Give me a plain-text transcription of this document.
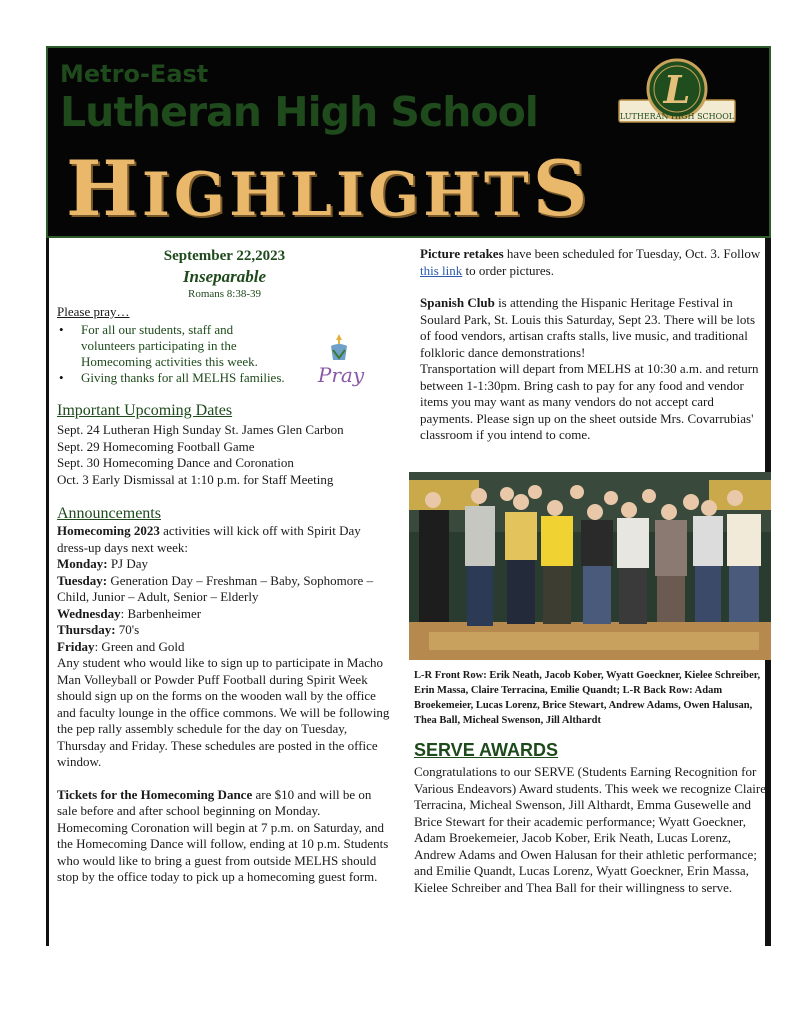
Metro-East
Lutheran High School
HIGHLIGHTS
L
LUTHERAN HIGH SCHOOL
September 22,2023
Inseparable
Romans 8:38-39
Please pray…
• For all our students, staff and volunteers participating in the Homecoming activities this week.
• Giving thanks for all MELHS families.	Pray
Important Upcoming Dates
Sept. 24 Lutheran High Sunday St. James Glen Carbon
Sept. 29 Homecoming Football Game
Sept. 30 Homecoming Dance and Coronation
Oct. 3 Early Dismissal at 1:10 p.m. for Staff Meeting
Announcements
Homecoming 2023 activities will kick off with Spirit Day dress-up days next week:
Monday: PJ Day
Tuesday: Generation Day – Freshman – Baby, Sophomore – Child, Junior – Adult, Senior – Elderly
Wednesday: Barbenheimer
Thursday: 70's
Friday: Green and Gold
Any student who would like to sign up to participate in Macho Man Volleyball or Powder Puff Football during Spirit Week should sign up on the forms on the wooden wall by the office and faculty lounge in the office commons. We will be following the pep rally assembly schedule for the day on Tuesday, Thursday and Friday. These schedules are posted in the office window.
Tickets for the Homecoming Dance are $10 and will be on sale before and after school beginning on Monday. Homecoming Coronation will begin at 7 p.m. on Saturday, and the Homecoming Dance will follow, ending at 10 p.m. Students who would like to bring a guest from outside MELHS should stop by the office today to pick up a homecoming guest form.
Picture retakes have been scheduled for Tuesday, Oct. 3. Follow this link to order pictures.
Spanish Club is attending the Hispanic Heritage Festival in Soulard Park, St. Louis this Saturday, Sept 23. There will be lots of food vendors, artisan crafts stalls, live music, and traditional folkloric dance demonstrations!
Transportation will depart from MELHS at 10:30 a.m. and return between 1-1:30pm. Bring cash to pay for any food and vendor items you may want as many vendors do not accept card payments. Please sign up on the sheet outside Mrs. Covarrubias' classroom if you intend to come.
L-R Front Row: Erik Neath, Jacob Kober, Wyatt Goeckner, Kielee Schreiber, Erin Massa, Claire Terracina, Emilie Quandt; L-R Back Row: Adam Broekemeier, Lucas Lorenz, Brice Stewart, Andrew Adams, Owen Halusan, Thea Ball, Micheal Swenson, Jill Althardt
SERVE AWARDS
Congratulations to our SERVE (Students Earning Recognition for Various Endeavors) Award students. This week we recognize Claire Terracina, Micheal Swenson, Jill Althardt, Emma Gusewelle and Brice Stewart for their academic performance; Wyatt Goeckner, Adam Broekemeier, Jacob Kober, Erik Neath, Lucas Lorenz, Andrew Adams and Owen Halusan for their athletic performance; and Emilie Quandt, Lucas Lorenz, Wyatt Goeckner, Erin Massa, Kielee Schreiber and Thea Ball for their willingness to serve.
